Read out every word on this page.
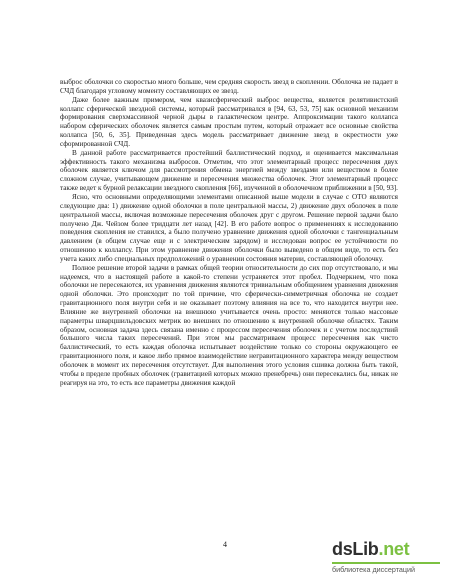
выброс оболочки со скоростью много больше, чем средняя скорость звезд в скоплении. Оболочка не падает в СЧД благодаря угловому моменту составляющих ее звезд.

Даже более важным примером, чем квазисферический выброс вещества, является релятивистский коллапс сферической звездной системы, который рассматривался в [94, 63, 53, 75] как основной механизм формирования сверхмассивной черной дыры в галактическом центре. Аппроксимации такого коллапса набором сферических оболочек является самым простым путем, который отражает все основные свойства коллапса [50, 6, 35]. Приведенная здесь модель рассматривает движение звезд в окрестности уже сформированной СЧД.

В данной работе рассматривается простейший баллистический подход, и оценивается максимальная эффективность такого механизма выбросов. Отметим, что этот элементарный процесс пересечения двух оболочек является ключом для рассмотрения обмена энергией между звездами или веществом в более сложном случае, учитывающем движение и пересечения множества оболочек. Этот элементарный процесс также ведет к бурной релаксации звездного скопления [66], изученной в оболочечном приближении в [50, 93].

Ясно, что основными определяющими элементами описанной выше модели в случае с ОТО являются следующие два: 1) движение одной оболочки в поле центральной массы, 2) движение двух оболочек в поле центральной массы, включая возможные пересечения оболочек друг с другом. Решение первой задачи было получено Дж. Чейзом более тридцати лет назад [42]. В его работе вопрос о применениях к исследованию поведения скопления не ставился, а было получено уравнение движения одной оболочки с тангенциальным давлением (в общем случае еще и с электрическим зарядом) и исследован вопрос ее устойчивости по отношению к коллапсу. При этом уравнение движения оболочки было выведено в общем виде, то есть без учета каких либо специальных предположений о уравнении состояния материи, составляющей оболочку.

Полное решение второй задачи в рамках общей теории относительности до сих пор отсутствовало, и мы надеемся, что в настоящей работе в какой-то степени устраняется этот пробел. Подчеркнем, что пока оболочки не пересекаются, их уравнения движения являются тривиальным обобщением уравнения движения одной оболочки. Это происходит по той причине, что сферически-симметричная оболочка не создает гравитационного поля внутри себя и не оказывает поэтому влияния на все то, что находится внутри нее. Влияние же внутренней оболочки на внешнюю учитывается очень просто: меняются только массовые параметры шварцшильдовских метрик во внешних по отношению к внутренней оболочке областях. Таким образом, основная задача здесь связана именно с процессом пересечения оболочек и с учетом последствий большого числа таких пересечений. При этом мы рассматриваем процесс пересечения как чисто баллистический, то есть каждая оболочка испытывает воздействие только со стороны окружающего ее гравитационного поля, и какое либо прямое взаимодействие негравитационного характера между веществом оболочек в момент их пересечения отсутствует. Для выполнения этого условия сшивка должна быть такой, чтобы в пределе пробных оболочек (гравитацией которых можно пренебречь) они пересекались бы, никак не реагируя на это, то есть все параметры движения каждой

4	dsLib.net
библиотека диссертаций
